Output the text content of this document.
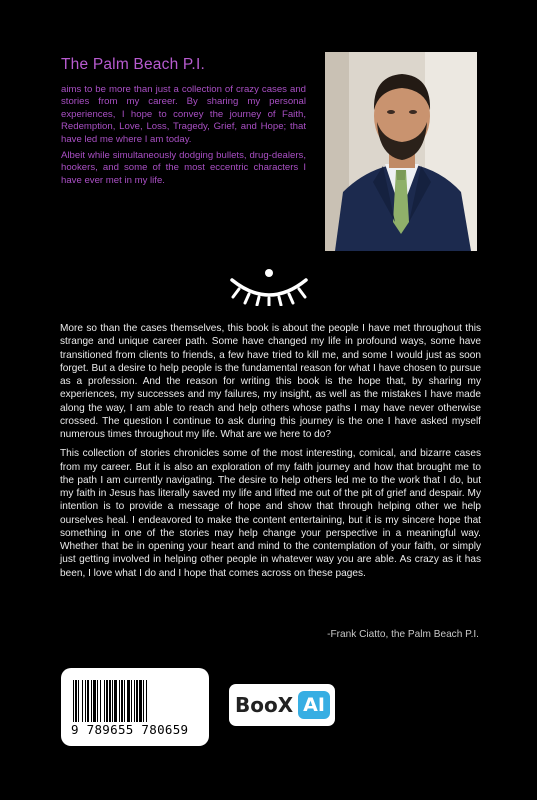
The Palm Beach P.I.

aims to be more than just a collection of crazy cases and stories from my career. By sharing my personal experiences, I hope to convey the journey of Faith, Redemption, Love, Loss, Tragedy, Grief, and Hope; that have led me where I am today.

Albeit while simultaneously dodging bullets, drug-dealers, hookers, and some of the most eccentric characters I have ever met in my life.

More so than the cases themselves, this book is about the people I have met throughout this strange and unique career path. Some have changed my life in profound ways, some have transitioned from clients to friends, a few have tried to kill me, and some I would just as soon forget. But a desire to help people is the fundamental reason for what I have chosen to pursue as a profession. And the reason for writing this book is the hope that, by sharing my experiences, my successes and my failures, my insight, as well as the mistakes I have made along the way, I am able to reach and help others whose paths I may have never otherwise crossed. The question I continue to ask during this journey is the one I have asked myself numerous times throughout my life. What are we here to do?

This collection of stories chronicles some of the most interesting, comical, and bizarre cases from my career. But it is also an exploration of my faith journey and how that brought me to the path I am currently navigating. The desire to help others led me to the work that I do, but my faith in Jesus has literally saved my life and lifted me out of the pit of grief and despair. My intention is to provide a message of hope and show that through helping other we help ourselves heal. I endeavored to make the content entertaining, but it is my sincere hope that something in one of the stories may help change your perspective in a meaningful way. Whether that be in opening your heart and mind to the contemplation of your faith, or simply just getting involved in helping other people in whatever way you are able. As crazy as it has been, I love what I do and I hope that comes across on these pages.

-Frank Ciatto, the Palm Beach P.I.
9 789655 780659
BooX AI
